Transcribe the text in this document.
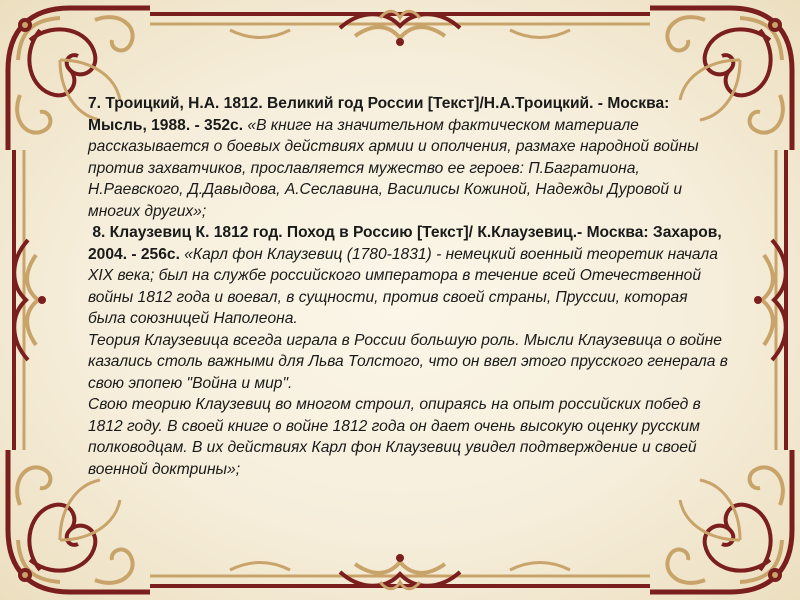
7. Троицкий, Н.А. 1812. Великий год России [Текст]/Н.А.Троицкий. - Москва: Мысль, 1988. - 352с. «В книге на значительном фактическом материале рассказывается о боевых действиях армии и ополчения, размахе народной войны против захватчиков, прославляется мужество ее героев: П.Багратиона, Н.Раевского, Д.Давыдова, А.Сеславина, Василисы Кожиной, Надежды Дуровой и многих других»;

8. Клаузевиц К. 1812 год. Поход в Россию [Текст]/ К.Клаузевиц.- Москва: Захаров, 2004. - 256с. «Карл фон Клаузевиц (1780-1831) - немецкий военный теоретик начала XIX века; был на службе российского императора в течение всей Отечественной войны 1812 года и воевал, в сущности, против своей страны, Пруссии, которая была союзницей Наполеона.

Теория Клаузевица всегда играла в России большую роль. Мысли Клаузевица о войне казались столь важными для Льва Толстого, что он ввел этого прусского генерала в свою эпопею "Война и мир".

Свою теорию Клаузевиц во многом строил, опираясь на опыт российских побед в 1812 году. В своей книге о войне 1812 года он дает очень высокую оценку русским полководцам. В их действиях Карл фон Клаузевиц увидел подтверждение и своей военной доктрины»;
